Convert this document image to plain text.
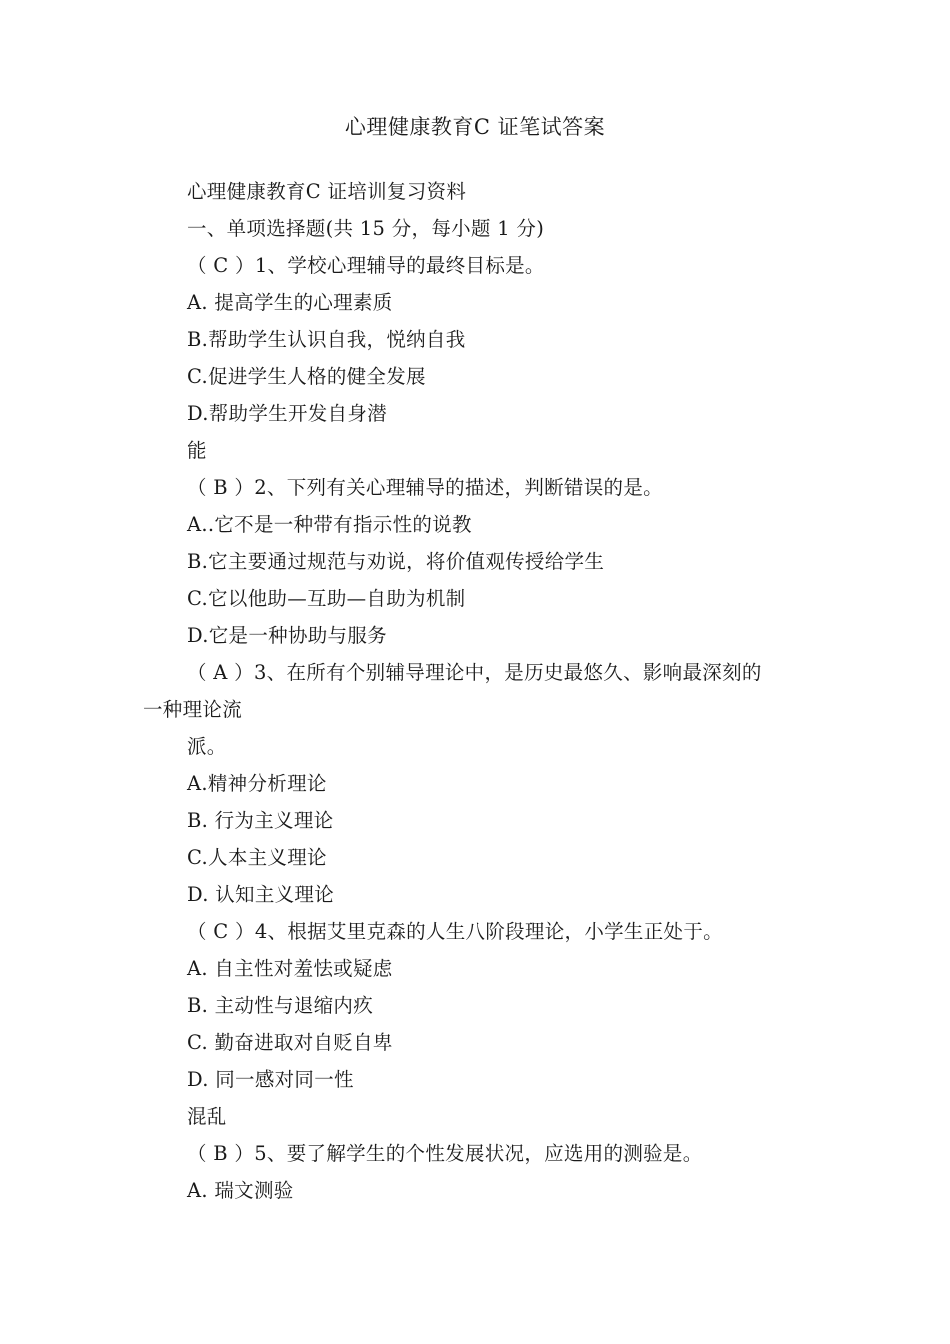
心理健康教育C 证笔试答案
心理健康教育C 证培训复习资料
一、单项选择题(共 15 分，每小题 1 分)
（ C ）1、学校心理辅导的最终目标是。
A. 提高学生的心理素质
B.帮助学生认识自我，悦纳自我
C.促进学生人格的健全发展
D.帮助学生开发自身潜
能
（ B ）2、下列有关心理辅导的描述，判断错误的是。
A..它不是一种带有指示性的说教
B.它主要通过规范与劝说，将价值观传授给学生
C.它以他助—互助—自助为机制
D.它是一种协助与服务
（ A ）3、在所有个别辅导理论中，是历史最悠久、影响最深刻的
一种理论流
派。
A.精神分析理论
B. 行为主义理论
C.人本主义理论
D. 认知主义理论
（ C ）4、根据艾里克森的人生八阶段理论，小学生正处于。
A. 自主性对羞怯或疑虑
B. 主动性与退缩内疚
C. 勤奋进取对自贬自卑
D. 同一感对同一性
混乱
（ B ）5、要了解学生的个性发展状况，应选用的测验是。
A. 瑞文测验
